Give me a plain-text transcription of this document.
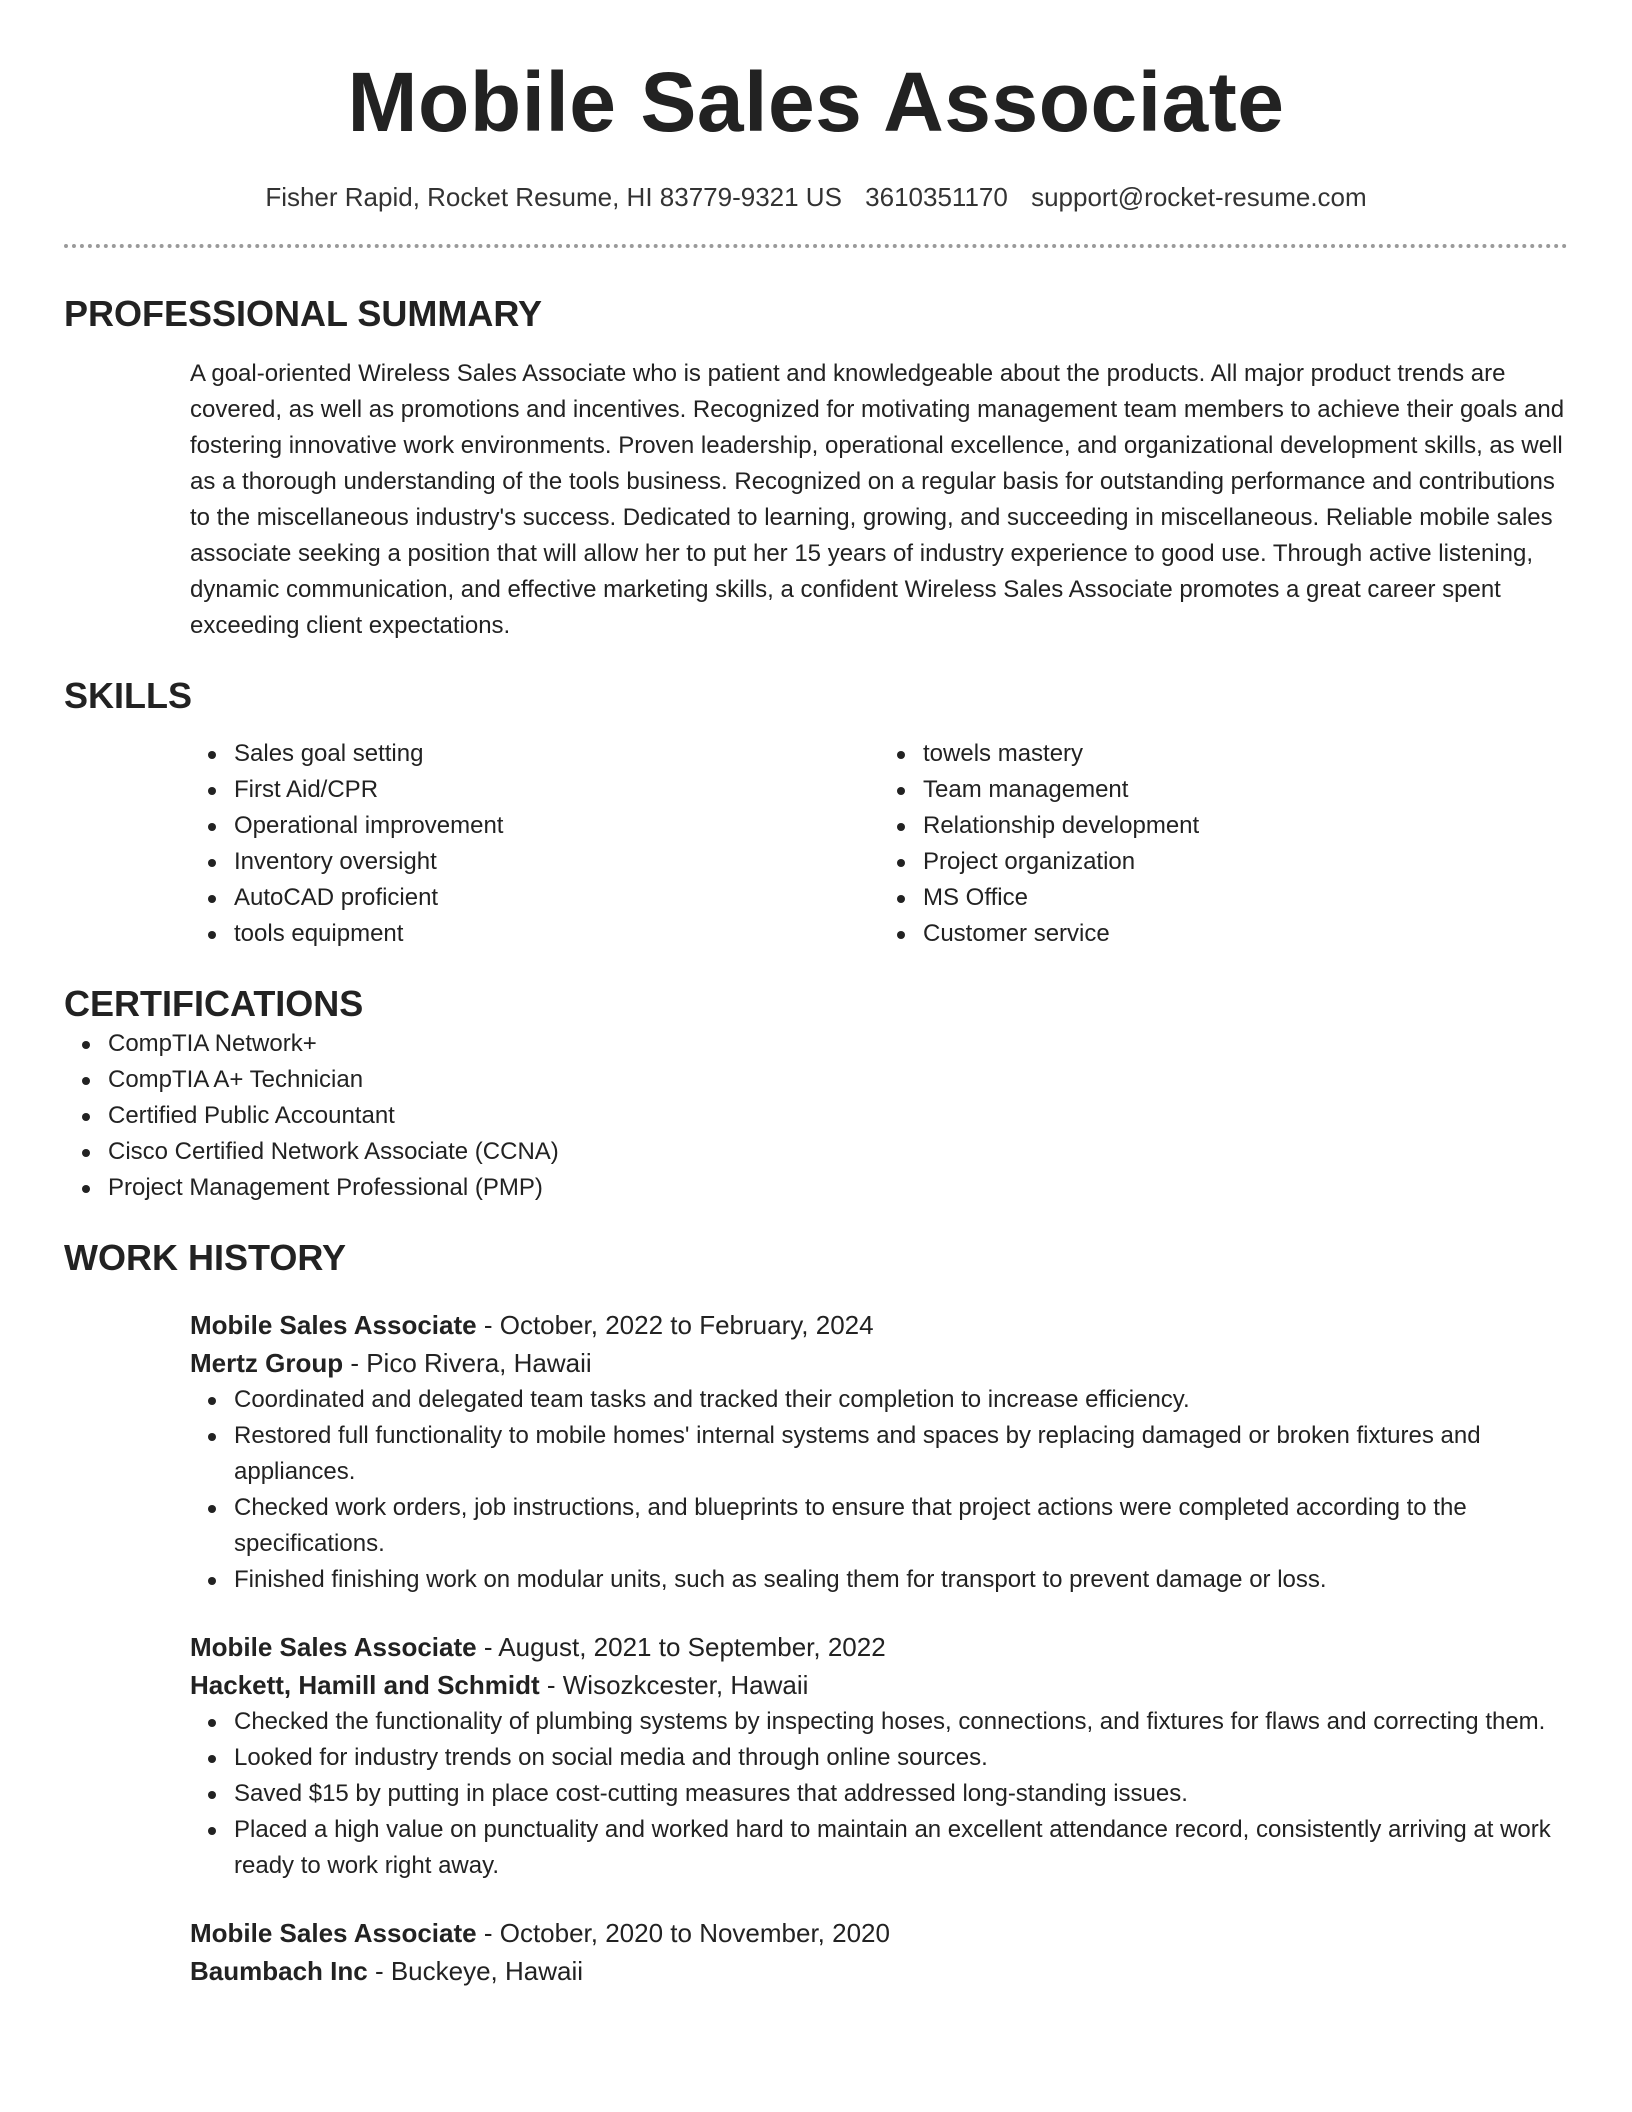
Mobile Sales Associate
Fisher Rapid, Rocket Resume, HI 83779-9321 US 3610351170 support@rocket-resume.com
PROFESSIONAL SUMMARY

A goal-oriented Wireless Sales Associate who is patient and knowledgeable about the products. All major product trends are covered, as well as promotions and incentives. Recognized for motivating management team members to achieve their goals and fostering innovative work environments. Proven leadership, operational excellence, and organizational development skills, as well as a thorough understanding of the tools business. Recognized on a regular basis for outstanding performance and contributions to the miscellaneous industry's success. Dedicated to learning, growing, and succeeding in miscellaneous. Reliable mobile sales associate seeking a position that will allow her to put her 15 years of industry experience to good use. Through active listening, dynamic communication, and effective marketing skills, a confident Wireless Sales Associate promotes a great career spent exceeding client expectations.

SKILLS
Sales goal setting
First Aid/CPR
Operational improvement
Inventory oversight
AutoCAD proficient
tools equipment
towels mastery
Team management
Relationship development
Project organization
MS Office
Customer service
CERTIFICATIONS
CompTIA Network+
CompTIA A+ Technician
Certified Public Accountant
Cisco Certified Network Associate (CCNA)
Project Management Professional (PMP)
WORK HISTORY
Mobile Sales Associate - October, 2022 to February, 2024
Mertz Group - Pico Rivera, Hawaii
Coordinated and delegated team tasks and tracked their completion to increase efficiency.
Restored full functionality to mobile homes' internal systems and spaces by replacing damaged or broken fixtures and appliances.
Checked work orders, job instructions, and blueprints to ensure that project actions were completed according to the specifications.
Finished finishing work on modular units, such as sealing them for transport to prevent damage or loss.
Mobile Sales Associate - August, 2021 to September, 2022
Hackett, Hamill and Schmidt - Wisozkcester, Hawaii
Checked the functionality of plumbing systems by inspecting hoses, connections, and fixtures for flaws and correcting them.
Looked for industry trends on social media and through online sources.
Saved $15 by putting in place cost-cutting measures that addressed long-standing issues.
Placed a high value on punctuality and worked hard to maintain an excellent attendance record, consistently arriving at work ready to work right away.
Mobile Sales Associate - October, 2020 to November, 2020
Baumbach Inc - Buckeye, Hawaii
